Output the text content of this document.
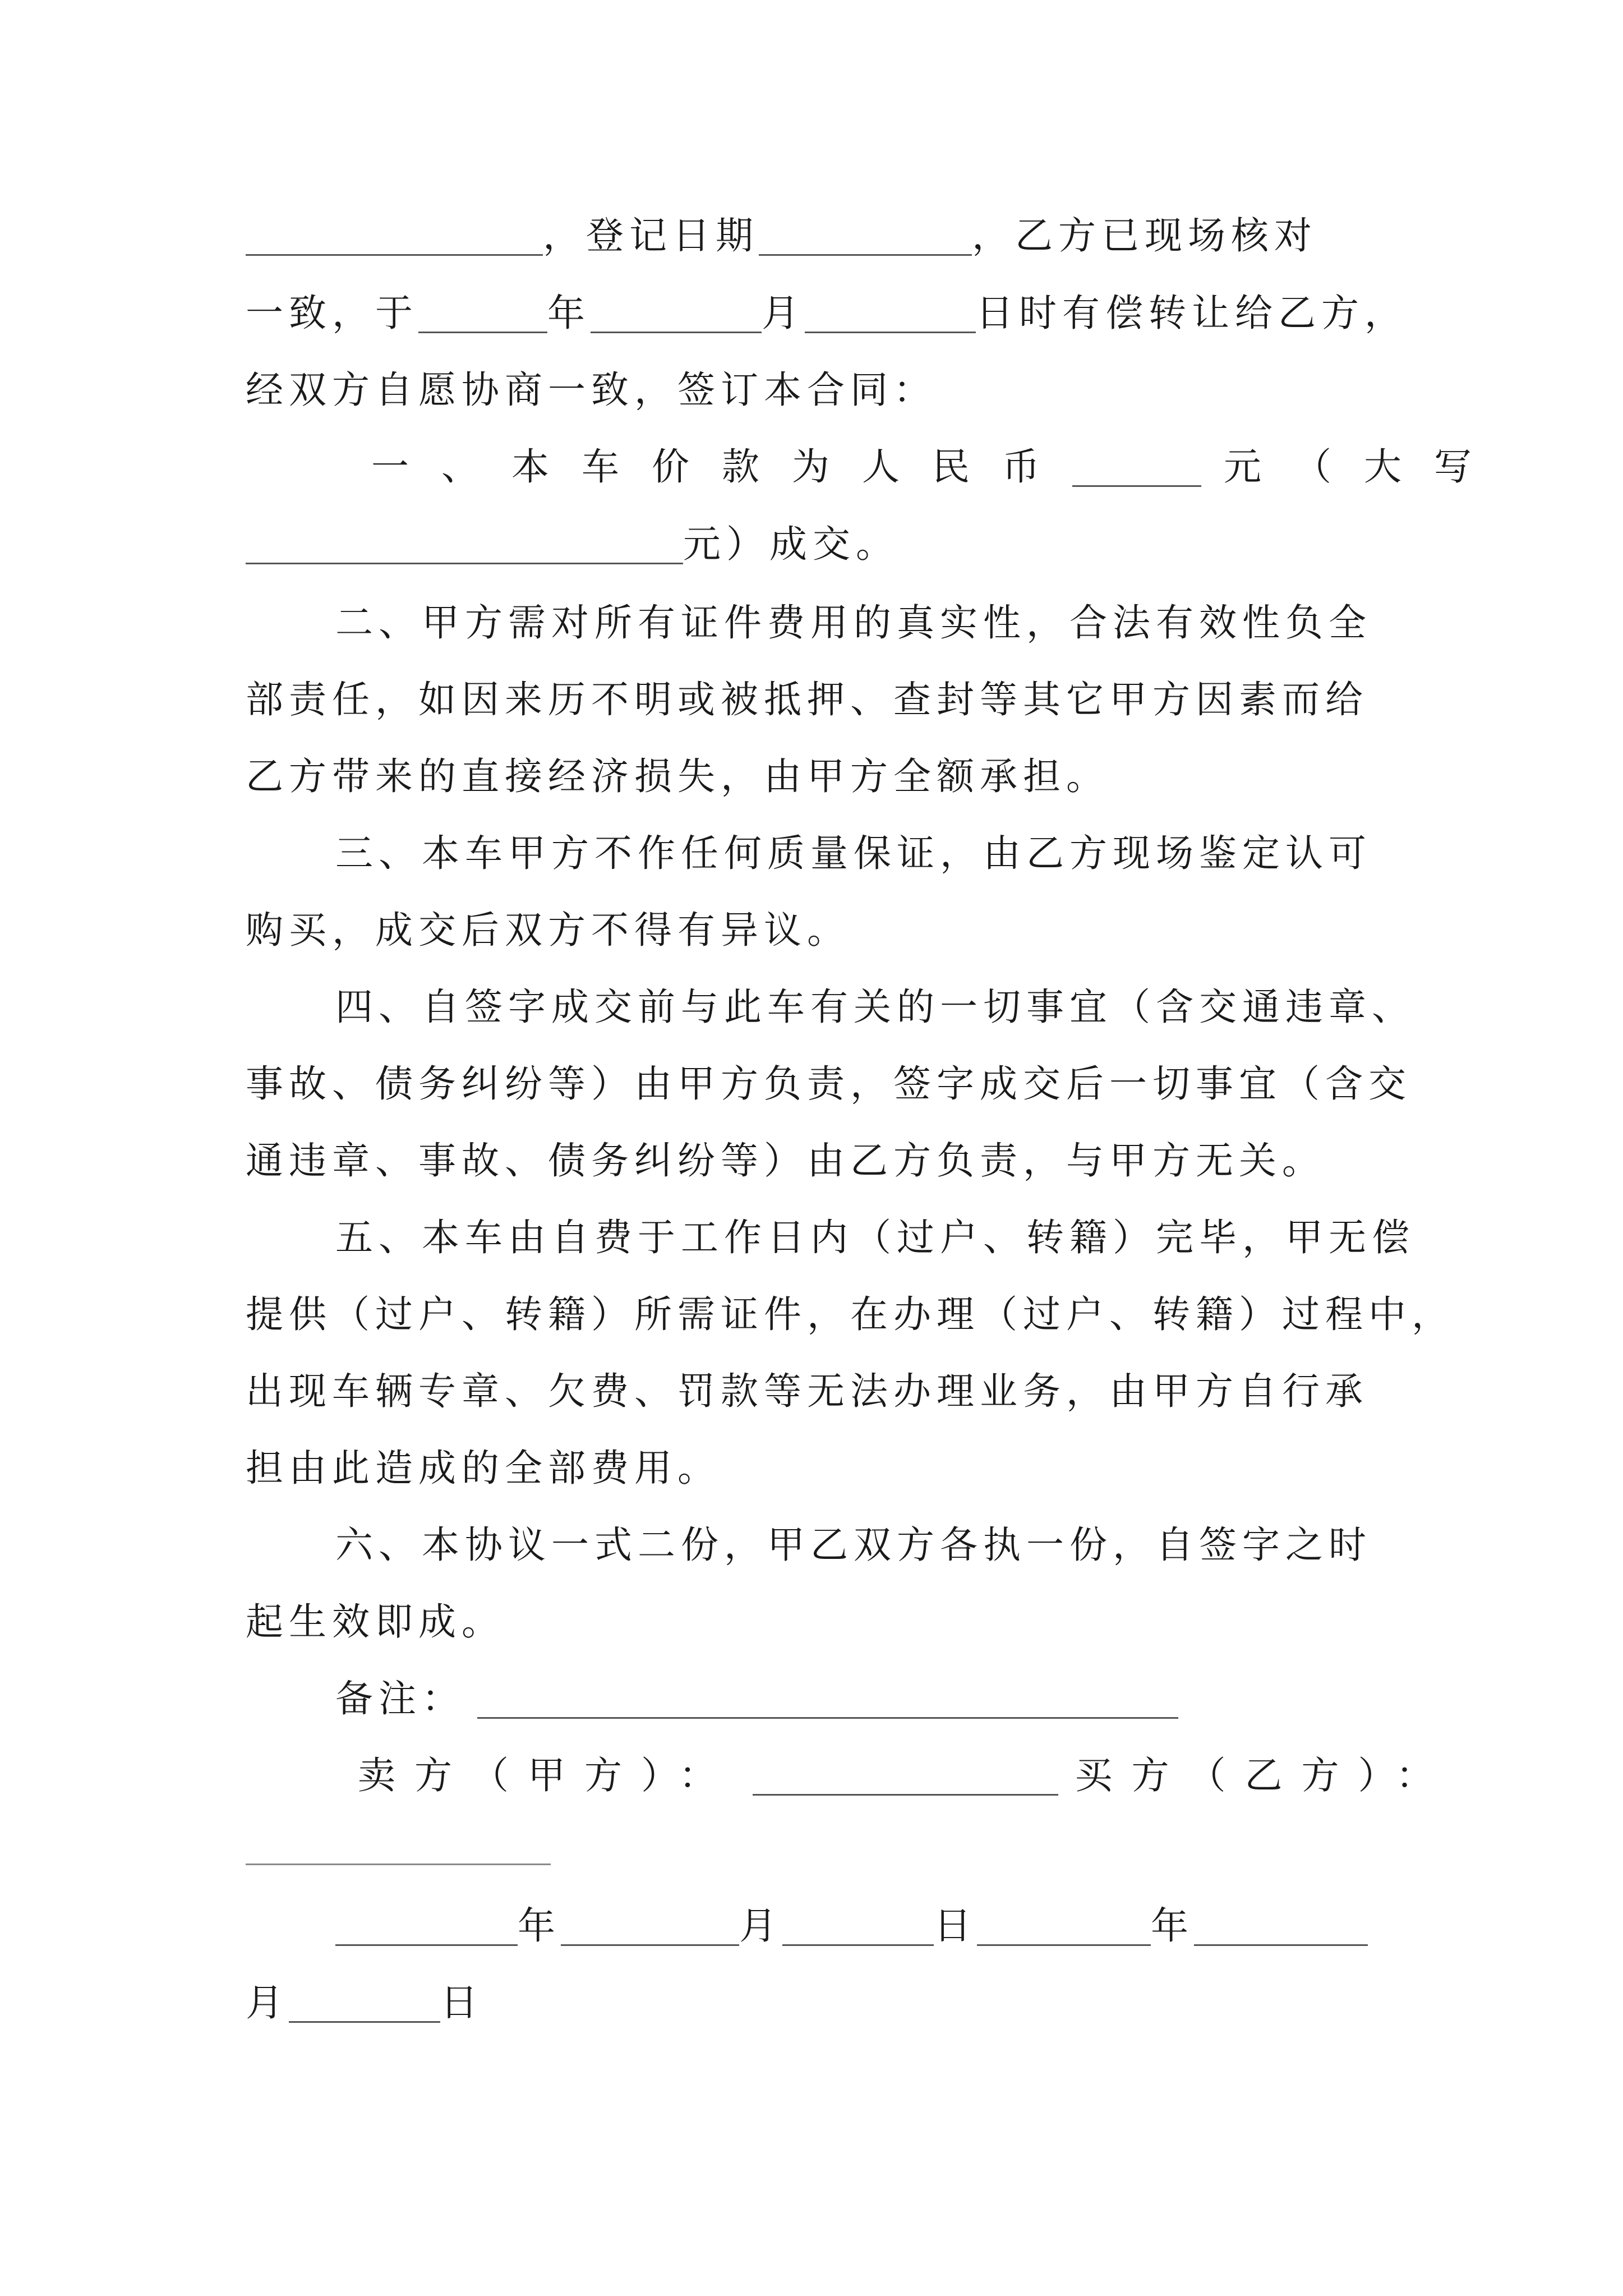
，登记日期	，乙方已现场核对
一致，于	年	月	日时有偿转让给乙方，
经双方自愿协商一致，签订本合同：
一、本车价款为人民币	元（大写
元）成交。
二、甲方需对所有证件费用的真实性，合法有效性负全
部责任，如因来历不明或被抵押、查封等其它甲方因素而给
乙方带来的直接经济损失，由甲方全额承担。
三、本车甲方不作任何质量保证，由乙方现场鉴定认可
购买，成交后双方不得有异议。
四、自签字成交前与此车有关的一切事宜（含交通违章、
事故、债务纠纷等）由甲方负责，签字成交后一切事宜（含交
通违章、事故、债务纠纷等）由乙方负责，与甲方无关。
五、本车由自费于工作日内（过户、转籍）完毕，甲无偿
提供（过户、转籍）所需证件，在办理（过户、转籍）过程中，
出现车辆专章、欠费、罚款等无法办理业务，由甲方自行承
担由此造成的全部费用。
六、本协议一式二份，甲乙双方各执一份，自签字之时
起生效即成。
备注：
卖方（甲方）：	买方（乙方）：
年	月	日	年
月	日
